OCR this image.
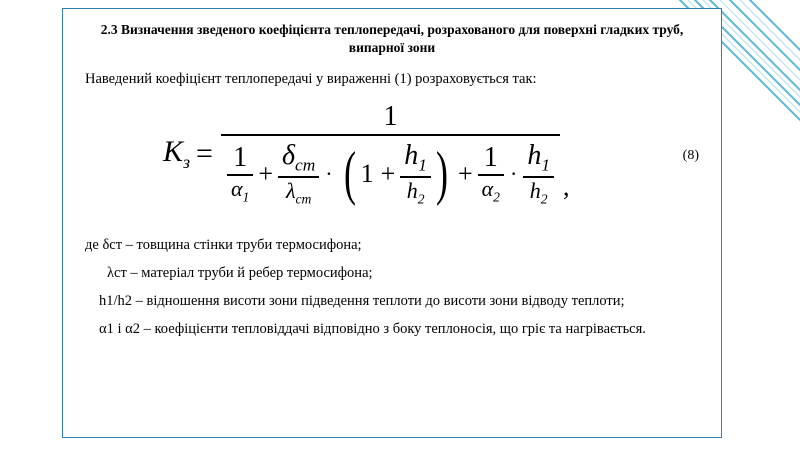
2.3 Визначення зведеного коефіцієнта теплопередачі, розрахованого для поверхні гладких труб, випарної зони
Наведений коефіцієнт теплопередачі у вираженні (1) розраховується так:
$K_з$ =
1
$\frac{1}{\alpha_1} + \frac{\delta_{ст}}{\lambda_{ст}}$ · ( $1 + \frac{h_1}{h_2}$ ) + $\frac{1}{\alpha_2} \cdot \frac{h_1}{h_2}$ ,
(8)
де δст – товщина стінки труби термосифона;
λст – матеріал труби й ребер термосифона;
h1/h2 – відношення висоти зони підведення теплоти до висоти зони відводу теплоти;
α1 і α2 – коефіцієнти тепловіддачі відповідно з боку теплоносія, що гріє та нагрівається.
